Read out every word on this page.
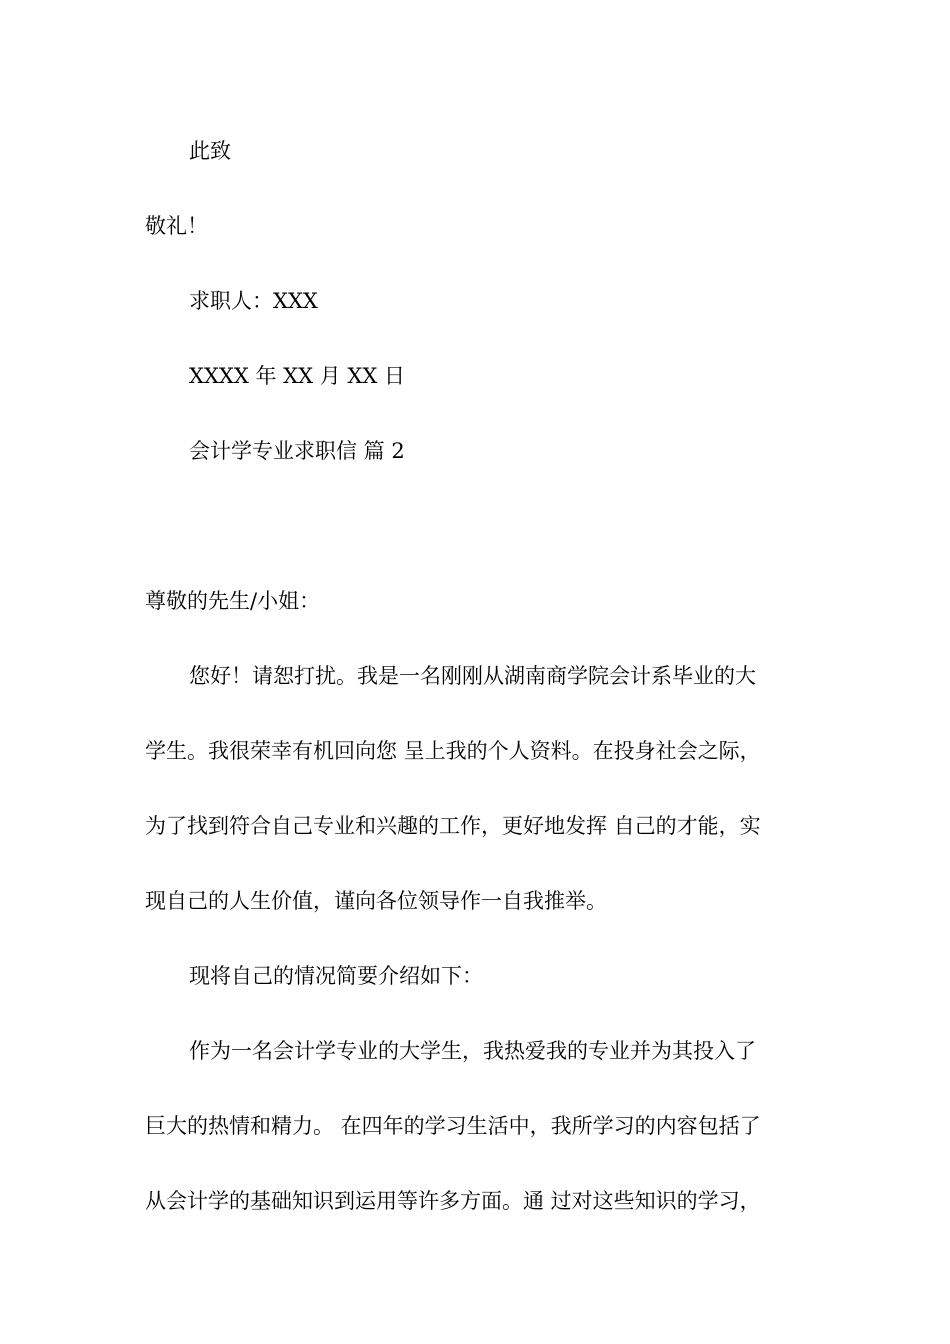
此致
敬礼！
求职人：XXX
XXXX 年 XX 月 XX 日
会计学专业求职信 篇 2
尊敬的先生/小姐：
您好！请恕打扰。我是一名刚刚从湖南商学院会计系毕业的大
学生。我很荣幸有机回向您 呈上我的个人资料。在投身社会之际，
为了找到符合自己专业和兴趣的工作，更好地发挥 自己的才能，实
现自己的人生价值，谨向各位领导作一自我推举。
现将自己的情况简要介绍如下：
作为一名会计学专业的大学生，我热爱我的专业并为其投入了
巨大的热情和精力。 在四年的学习生活中，我所学习的内容包括了
从会计学的基础知识到运用等许多方面。通 过对这些知识的学习，
